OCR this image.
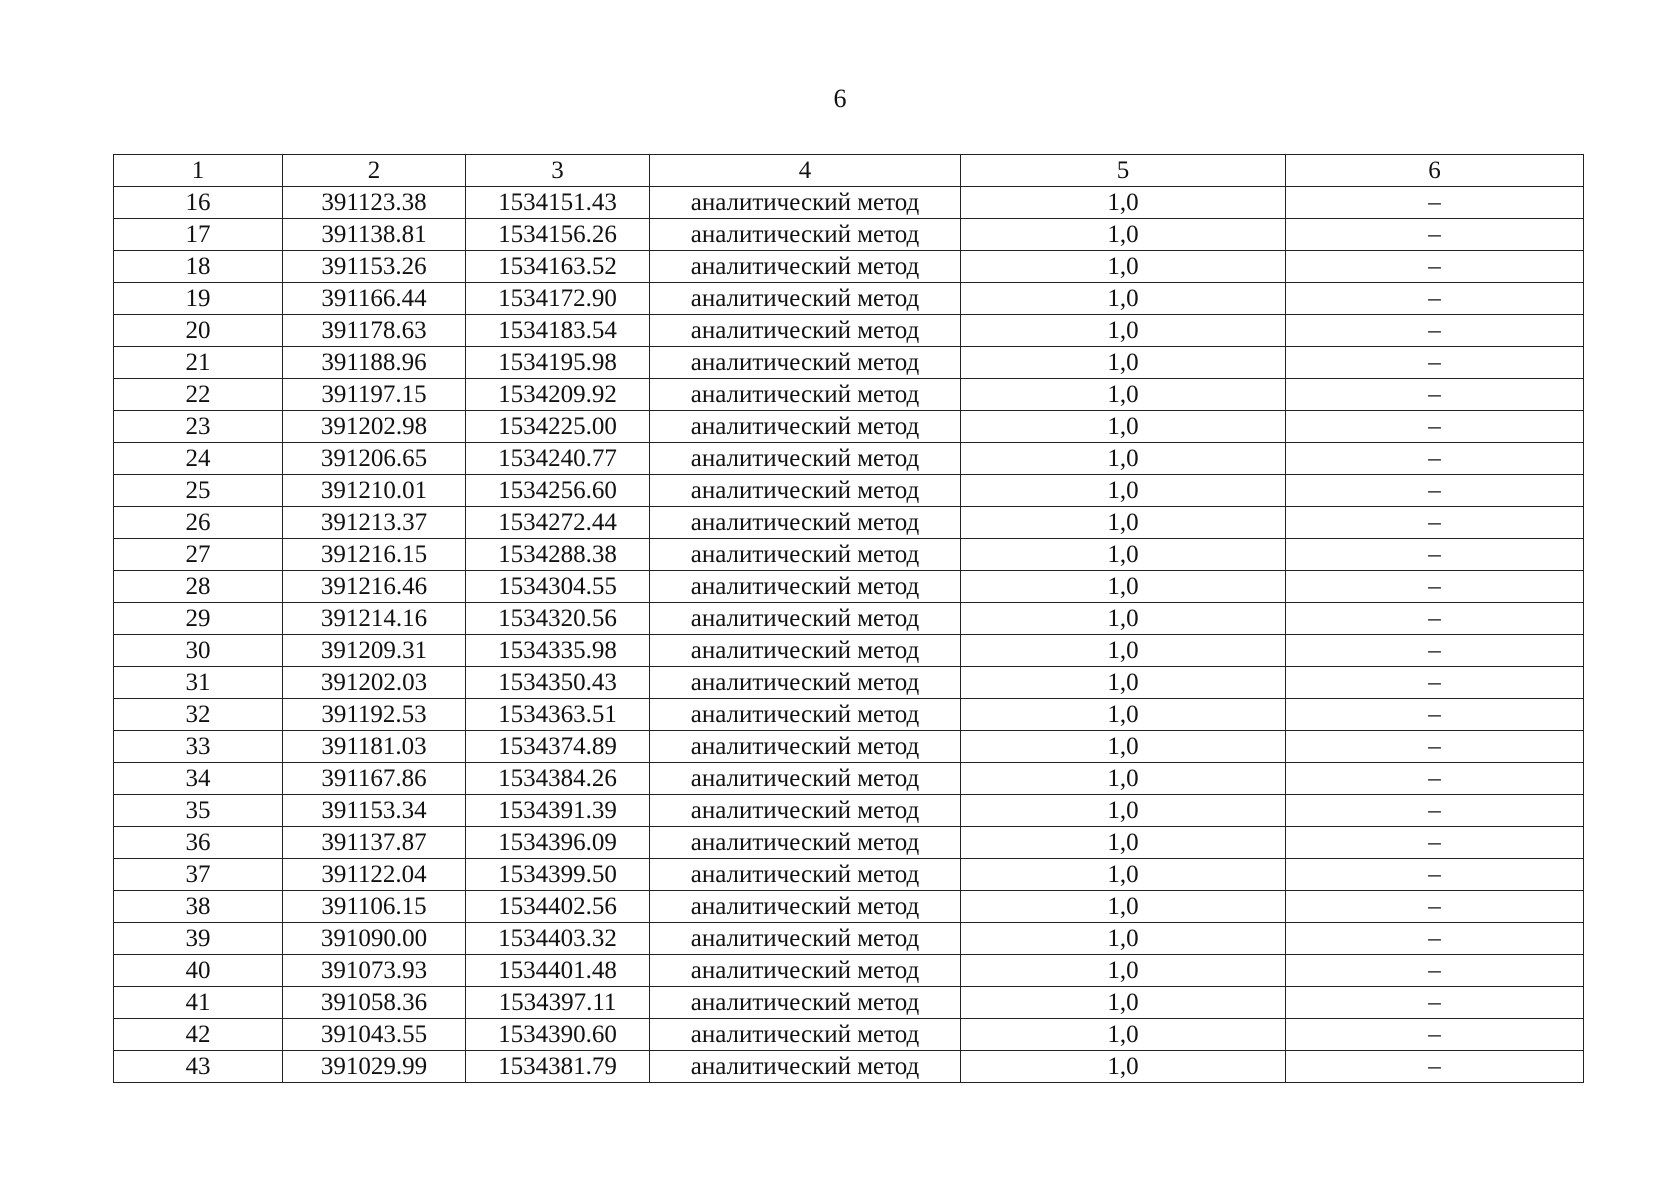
6
1	2	3	4	5	6
16	391123.38	1534151.43	аналитический метод	1,0	–
17	391138.81	1534156.26	аналитический метод	1,0	–
18	391153.26	1534163.52	аналитический метод	1,0	–
19	391166.44	1534172.90	аналитический метод	1,0	–
20	391178.63	1534183.54	аналитический метод	1,0	–
21	391188.96	1534195.98	аналитический метод	1,0	–
22	391197.15	1534209.92	аналитический метод	1,0	–
23	391202.98	1534225.00	аналитический метод	1,0	–
24	391206.65	1534240.77	аналитический метод	1,0	–
25	391210.01	1534256.60	аналитический метод	1,0	–
26	391213.37	1534272.44	аналитический метод	1,0	–
27	391216.15	1534288.38	аналитический метод	1,0	–
28	391216.46	1534304.55	аналитический метод	1,0	–
29	391214.16	1534320.56	аналитический метод	1,0	–
30	391209.31	1534335.98	аналитический метод	1,0	–
31	391202.03	1534350.43	аналитический метод	1,0	–
32	391192.53	1534363.51	аналитический метод	1,0	–
33	391181.03	1534374.89	аналитический метод	1,0	–
34	391167.86	1534384.26	аналитический метод	1,0	–
35	391153.34	1534391.39	аналитический метод	1,0	–
36	391137.87	1534396.09	аналитический метод	1,0	–
37	391122.04	1534399.50	аналитический метод	1,0	–
38	391106.15	1534402.56	аналитический метод	1,0	–
39	391090.00	1534403.32	аналитический метод	1,0	–
40	391073.93	1534401.48	аналитический метод	1,0	–
41	391058.36	1534397.11	аналитический метод	1,0	–
42	391043.55	1534390.60	аналитический метод	1,0	–
43	391029.99	1534381.79	аналитический метод	1,0	–
